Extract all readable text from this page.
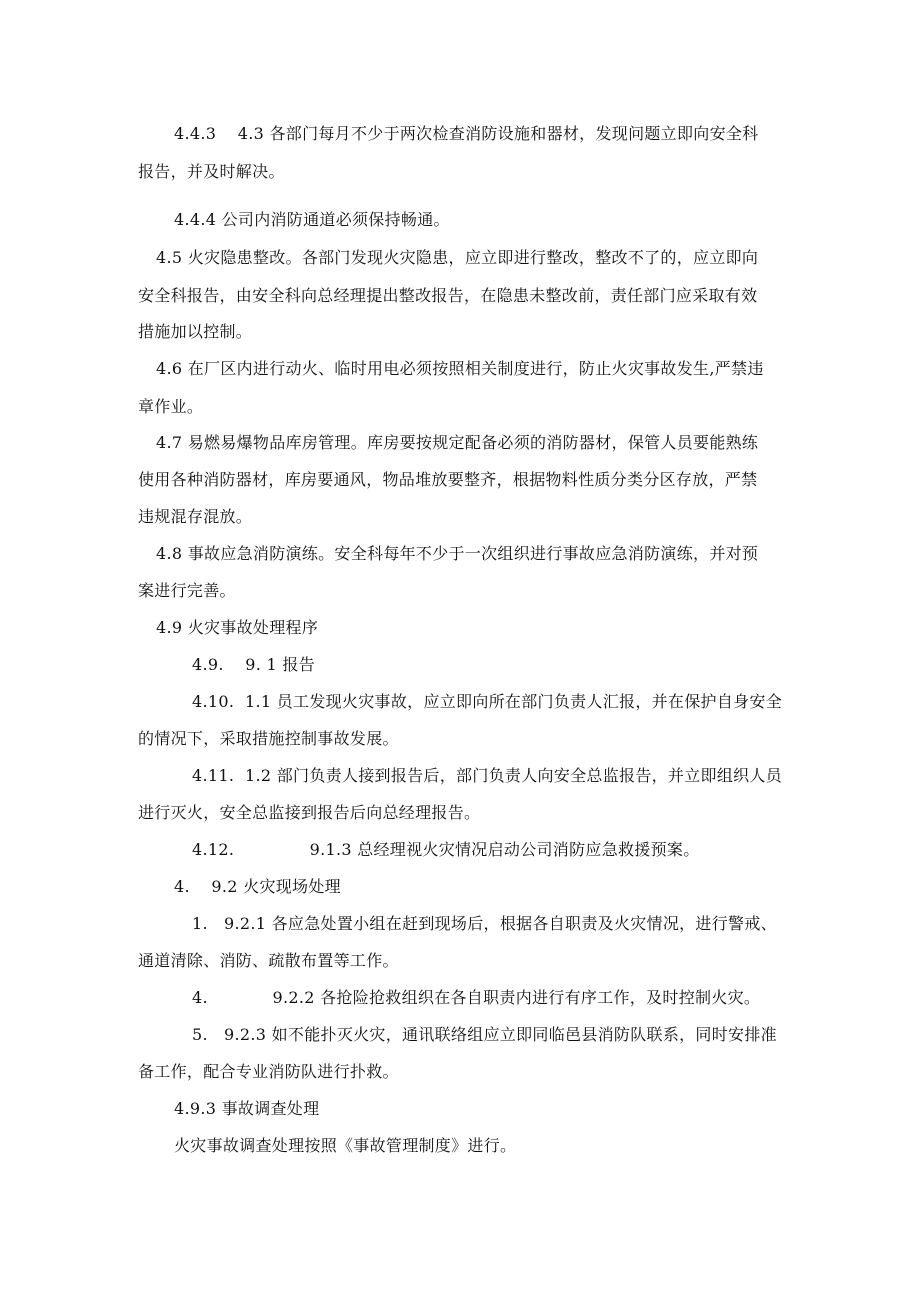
4.4.3    4.3 各部门每月不少于两次检查消防设施和器材，发现问题立即向安全科
报告，并及时解决。
4.4.4 公司内消防通道必须保持畅通。
4.5 火灾隐患整改。各部门发现火灾隐患，应立即进行整改，整改不了的，应立即向
安全科报告，由安全科向总经理提出整改报告，在隐患未整改前，责任部门应采取有效
措施加以控制。
4.6 在厂区内进行动火、临时用电必须按照相关制度进行，防止火灾事故发生,严禁违
章作业。
4.7 易燃易爆物品库房管理。库房要按规定配备必须的消防器材，保管人员要能熟练
使用各种消防器材，库房要通风，物品堆放要整齐，根据物料性质分类分区存放，严禁
违规混存混放。
4.8 事故应急消防演练。安全科每年不少于一次组织进行事故应急消防演练，并对预
案进行完善。
4.9 火灾事故处理程序
4.9.    9. 1 报告
4.10.  1.1 员工发现火灾事故，应立即向所在部门负责人汇报，并在保护自身安全
的情况下，采取措施控制事故发展。
4.11.  1.2 部门负责人接到报告后，部门负责人向安全总监报告，并立即组织人员
进行灭火，安全总监接到报告后向总经理报告。
4.12.              9.1.3 总经理视火灾情况启动公司消防应急救援预案。
4.    9.2 火灾现场处理
1.   9.2.1 各应急处置小组在赶到现场后，根据各自职责及火灾情况，进行警戒、
通道清除、消防、疏散布置等工作。
4.            9.2.2 各抢险抢救组织在各自职责内进行有序工作，及时控制火灾。
5.   9.2.3 如不能扑灭火灾，通讯联络组应立即同临邑县消防队联系，同时安排准
备工作，配合专业消防队进行扑救。
4.9.3 事故调查处理
火灾事故调查处理按照《事故管理制度》进行。
